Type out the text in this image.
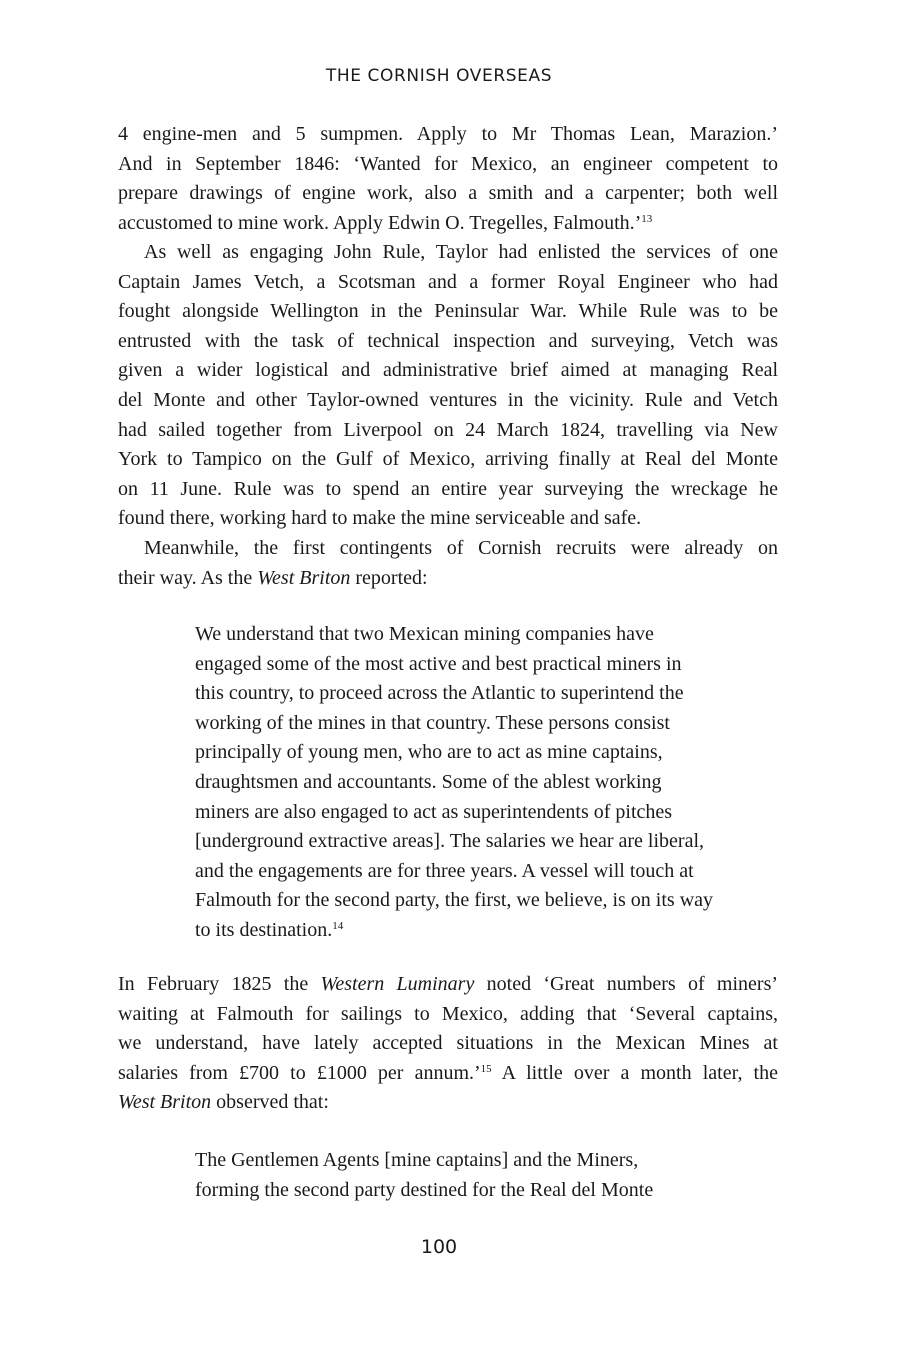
THE CORNISH OVERSEAS

4 engine-men and 5 sumpmen. Apply to Mr Thomas Lean, Marazion.’
And in September 1846: ‘Wanted for Mexico, an engineer competent to
prepare drawings of engine work, also a smith and a carpenter; both well
accustomed to mine work. Apply Edwin O. Tregelles, Falmouth.’$^{13}$

As well as engaging John Rule, Taylor had enlisted the services of one
Captain James Vetch, a Scotsman and a former Royal Engineer who had
fought alongside Wellington in the Peninsular War. While Rule was to be
entrusted with the task of technical inspection and surveying, Vetch was
given a wider logistical and administrative brief aimed at managing Real
del Monte and other Taylor-owned ventures in the vicinity. Rule and Vetch
had sailed together from Liverpool on 24 March 1824, travelling via New
York to Tampico on the Gulf of Mexico, arriving finally at Real del Monte
on 11 June. Rule was to spend an entire year surveying the wreckage he
found there, working hard to make the mine serviceable and safe.

Meanwhile, the first contingents of Cornish recruits were already on
their way. As the West Briton reported:

We understand that two Mexican mining companies have
engaged some of the most active and best practical miners in
this country, to proceed across the Atlantic to superintend the
working of the mines in that country. These persons consist
principally of young men, who are to act as mine captains,
draughtsmen and accountants. Some of the ablest working
miners are also engaged to act as superintendents of pitches
[underground extractive areas]. The salaries we hear are liberal,
and the engagements are for three years. A vessel will touch at
Falmouth for the second party, the first, we believe, is on its way
to its destination.$^{14}$

In February 1825 the Western Luminary noted ‘Great numbers of miners’
waiting at Falmouth for sailings to Mexico, adding that ‘Several captains,
we understand, have lately accepted situations in the Mexican Mines at
salaries from £700 to £1000 per annum.’$^{15}$ A little over a month later, the
West Briton observed that:

The Gentlemen Agents [mine captains] and the Miners,
forming the second party destined for the Real del Monte

100
